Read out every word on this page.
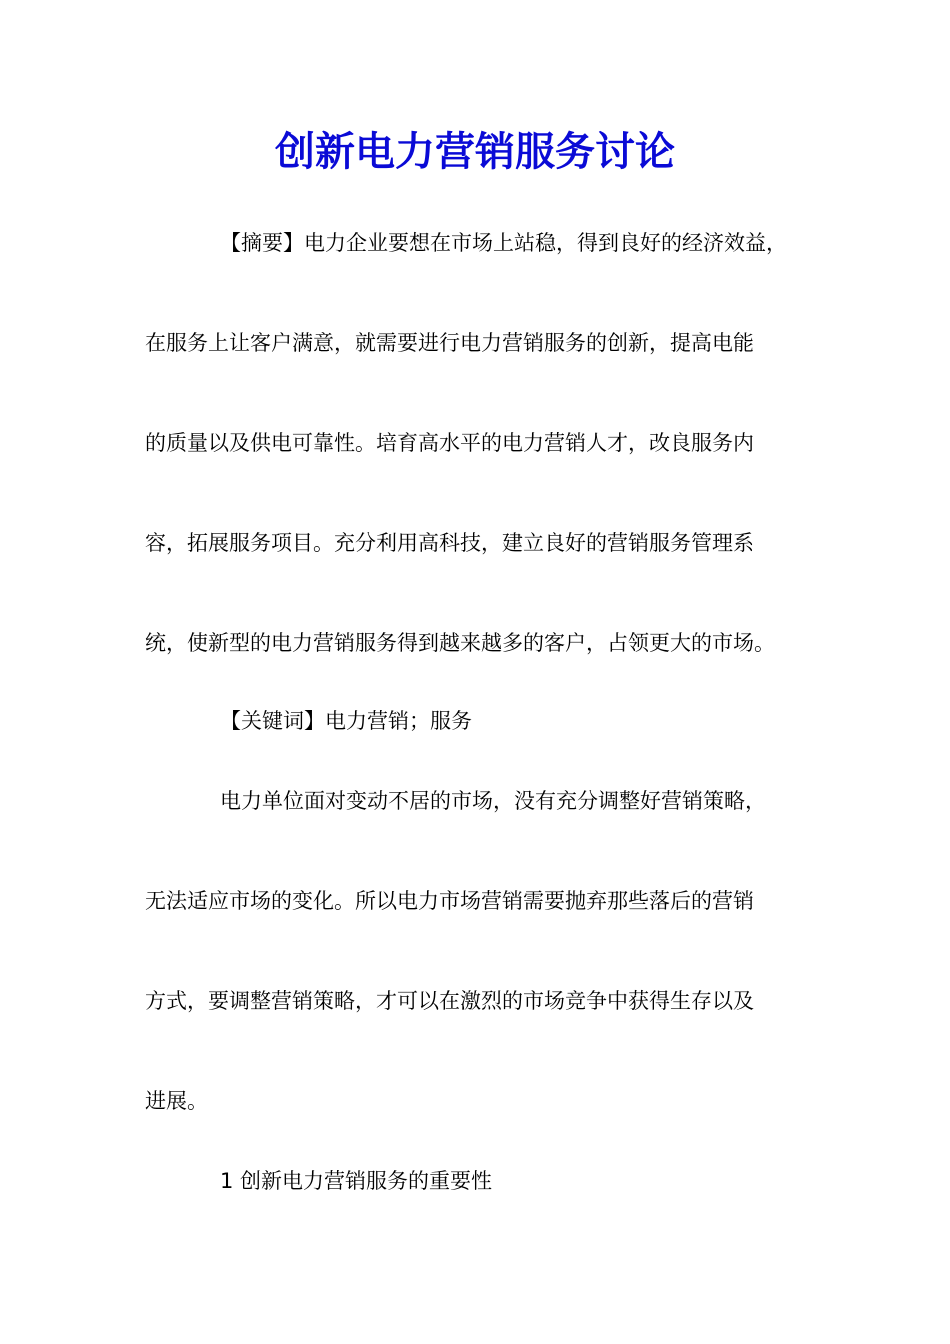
创新电力营销服务讨论

【摘要】电力企业要想在市场上站稳，得到良好的经济效益，

在服务上让客户满意，就需要进行电力营销服务的创新，提高电能

的质量以及供电可靠性。培育高水平的电力营销人才，改良服务内

容，拓展服务项目。充分利用高科技，建立良好的营销服务管理系

统，使新型的电力营销服务得到越来越多的客户，占领更大的市场。

【关键词】电力营销；服务

电力单位面对变动不居的市场，没有充分调整好营销策略，

无法适应市场的变化。所以电力市场营销需要抛弃那些落后的营销

方式，要调整营销策略，才可以在激烈的市场竞争中获得生存以及

进展。

1 创新电力营销服务的重要性
